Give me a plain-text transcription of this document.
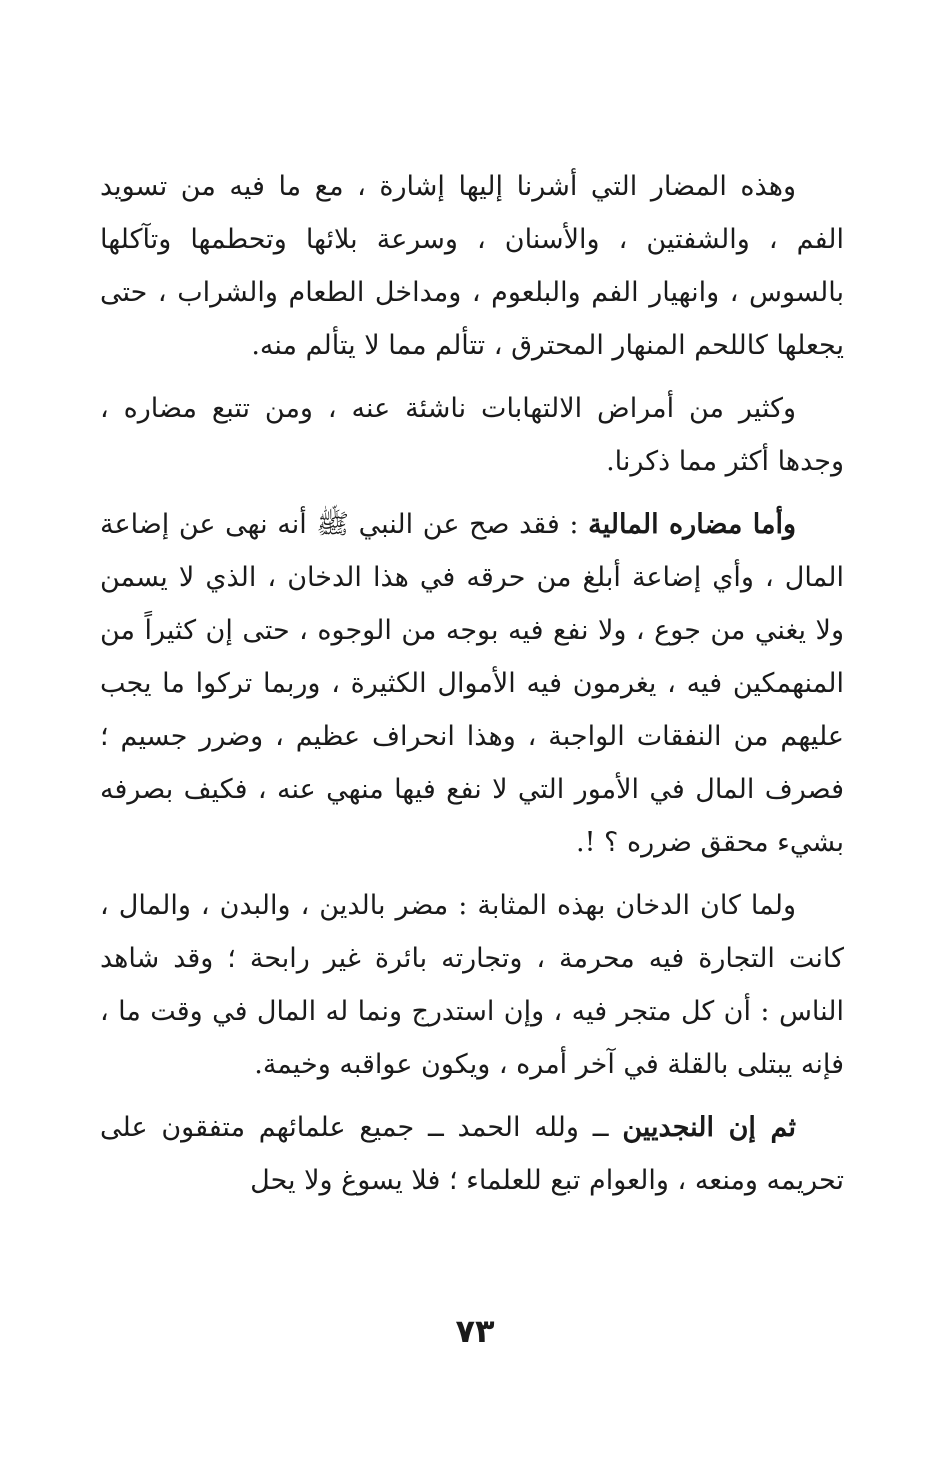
وهذه المضار التي أشرنا إليها إشارة ، مع ما فيه من تسويد الفم ، والشفتين ، والأسنان ، وسرعة بلائها وتحطمها وتآكلها بالسوس ، وانهيار الفم والبلعوم ، ومداخل الطعام والشراب ، حتى يجعلها كاللحم المنهار المحترق ، تتألم مما لا يتألم منه.

وكثير من أمراض الالتهابات ناشئة عنه ، ومن تتبع مضاره ، وجدها أكثر مما ذكرنا.

وأما مضاره المالية : فقد صح عن النبي ﷺ أنه نهى عن إضاعة المال ، وأي إضاعة أبلغ من حرقه في هذا الدخان ، الذي لا يسمن ولا يغني من جوع ، ولا نفع فيه بوجه من الوجوه ، حتى إن كثيراً من المنهمكين فيه ، يغرمون فيه الأموال الكثيرة ، وربما تركوا ما يجب عليهم من النفقات الواجبة ، وهذا انحراف عظيم ، وضرر جسيم ؛ فصرف المال في الأمور التي لا نفع فيها منهي عنه ، فكيف بصرفه بشيء محقق ضرره ؟ !.

ولما كان الدخان بهذه المثابة : مضر بالدين ، والبدن ، والمال ، كانت التجارة فيه محرمة ، وتجارته بائرة غير رابحة ؛ وقد شاهد الناس : أن كل متجر فيه ، وإن استدرج ونما له المال في وقت ما ، فإنه يبتلى بالقلة في آخر أمره ، ويكون عواقبه وخيمة.

ثم إن النجديين ــ ولله الحمد ــ جميع علمائهم متفقون على تحريمه ومنعه ، والعوام تبع للعلماء ؛ فلا يسوغ ولا يحل

٧٣
